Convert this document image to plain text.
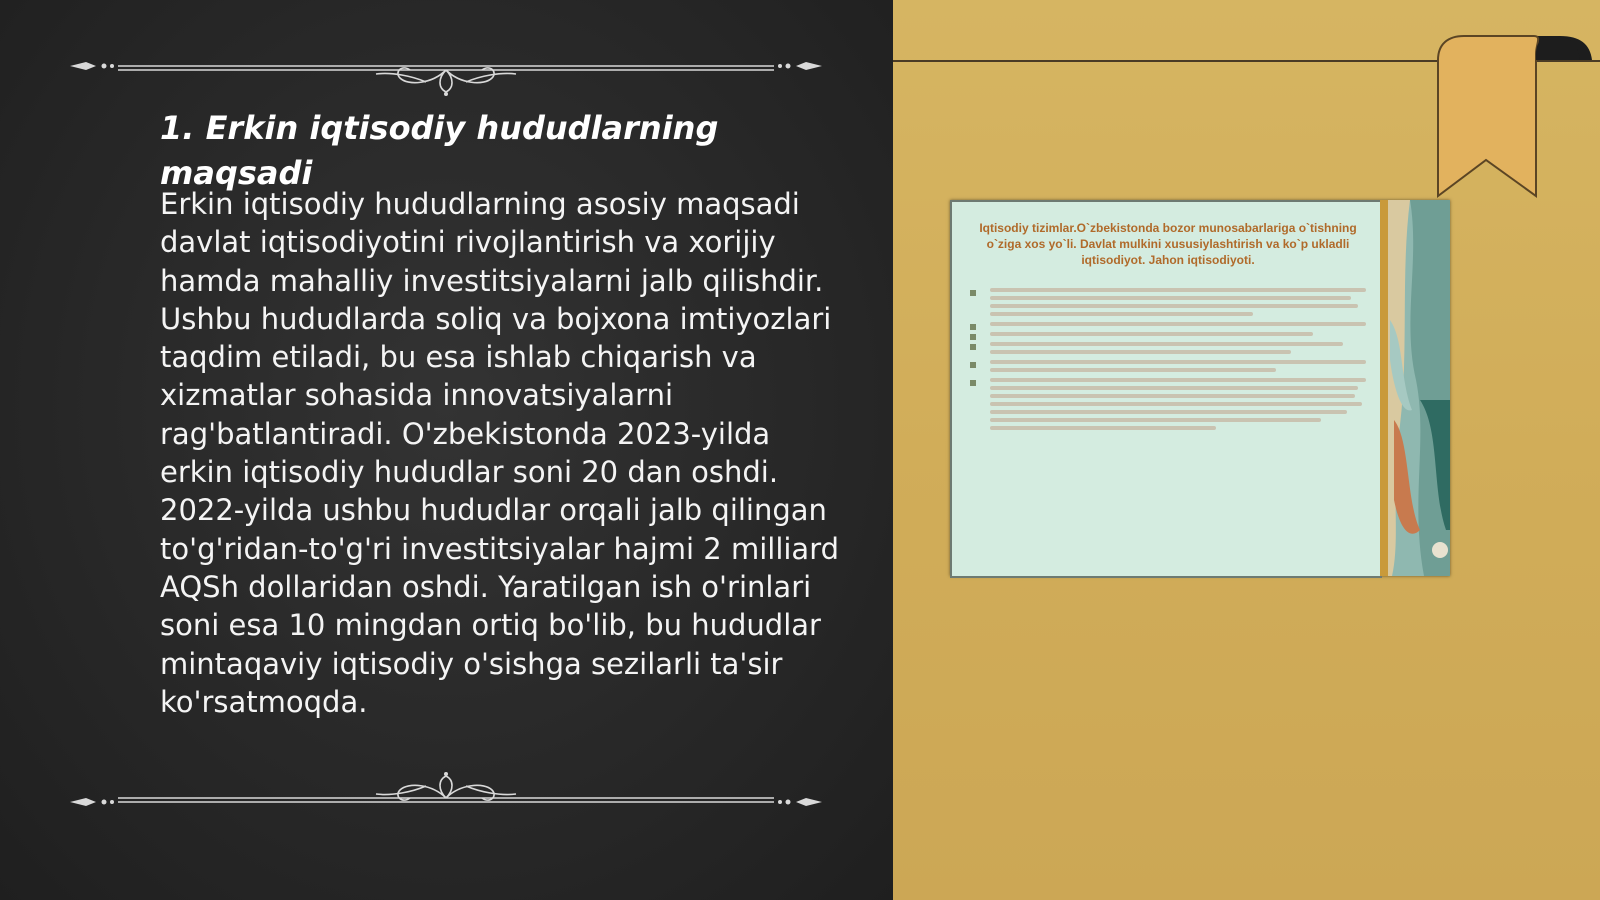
1. Erkin iqtisodiy hududlarning maqsadi

Erkin iqtisodiy hududlarning asosiy maqsadi davlat iqtisodiyotini rivojlantirish va xorijiy hamda mahalliy investitsiyalarni jalb qilishdir. Ushbu hududlarda soliq va bojxona imtiyozlari taqdim etiladi, bu esa ishlab chiqarish va xizmatlar sohasida innovatsiyalarni rag'batlantiradi. O'zbekistonda 2023-yilda erkin iqtisodiy hududlar soni 20 dan oshdi. 2022-yilda ushbu hududlar orqali jalb qilingan to'g'ridan-to'g'ri investitsiyalar hajmi 2 milliard AQSh dollaridan oshdi. Yaratilgan ish o'rinlari soni esa 10 mingdan ortiq bo'lib, bu hududlar mintaqaviy iqtisodiy o'sishga sezilarli ta'sir ko'rsatmoqda.

Iqtisodiy tizimlar.O`zbekistonda bozor munosabarlariga o`tishning o`ziga xos yo`li. Davlat mulkini xususiylashtirish va ko`p ukladli iqtisodiyot. Jahon iqtisodiyoti.
